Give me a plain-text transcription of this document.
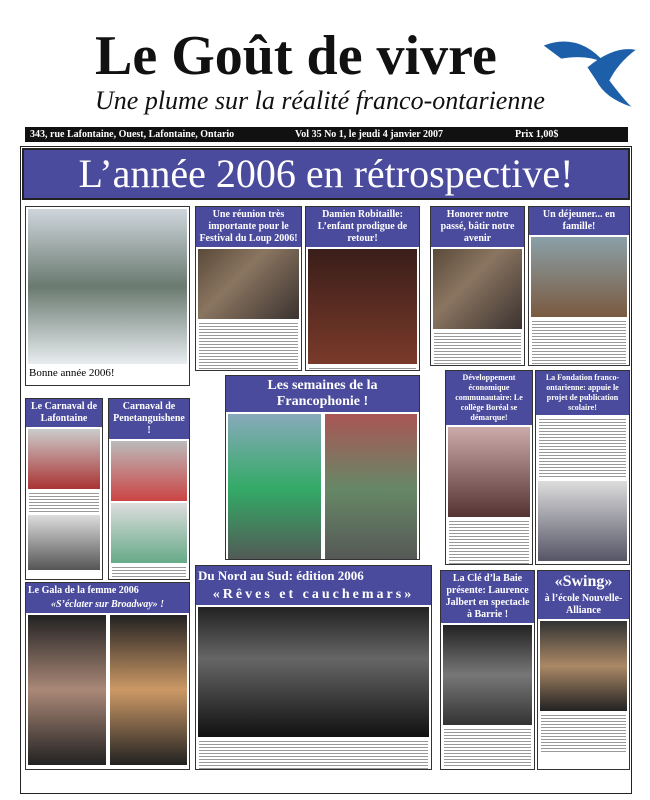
Le Goût de vivre
Une plume sur la réalité franco-ontarienne
343, rue Lafontaine, Ouest, Lafontaine, Ontario	Vol 35 No 1, le jeudi 4 janvier 2007	Prix 1,00$
L’année 2006 en rétrospective!
Bonne année 2006!
Une réunion très importante pour le Festival du Loup 2006!
Damien Robitaille: L’enfant prodigue de retour!
Honorer notre passé, bâtir notre avenir
Un déjeuner... en famille!
Le Carnaval de Lafontaine
Carnaval de Penetanguishene !
Les semaines de la Francophonie !
Développement économique communautaire: Le collège Boréal se démarque!
La Fondation franco-ontarienne: appuie le projet de publication scolaire!
Le Gala de la femme 2006
«S’éclater sur Broadway» !
Du Nord au Sud: édition 2006
«Rêves et cauchemars»
La Clé d’la Baie présente: Laurence Jalbert en spectacle à Barrie !
«Swing»
à l’école Nouvelle-Alliance
